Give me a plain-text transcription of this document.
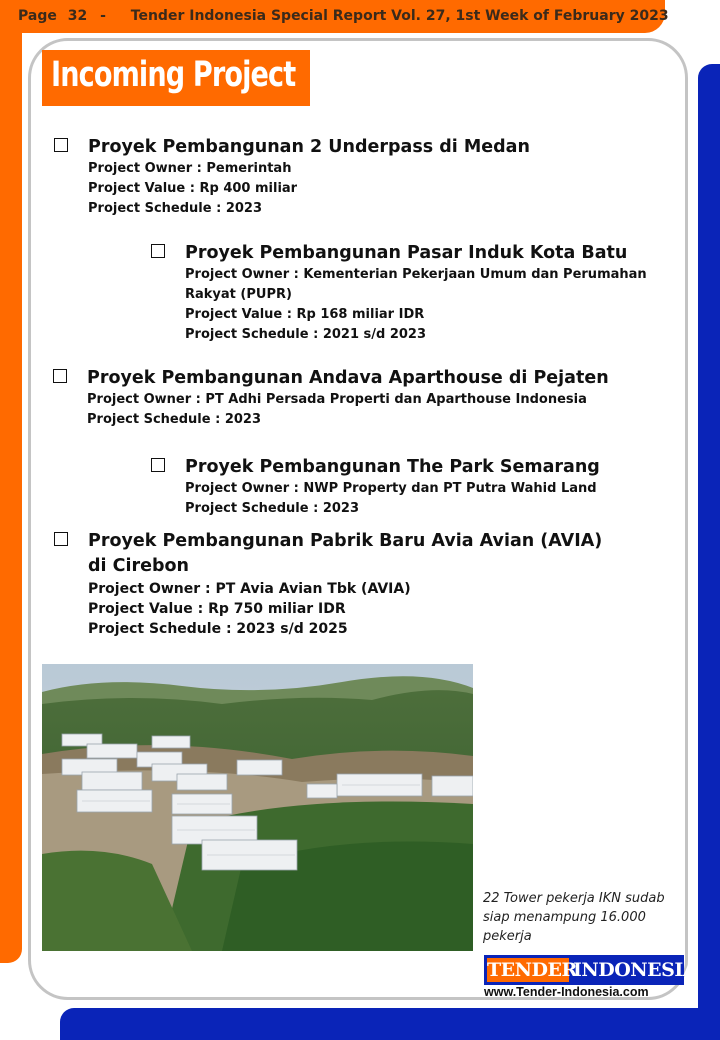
Page 32 - Tender Indonesia Special Report Vol. 27, 1st Week of February 2023
Incoming Project
Proyek Pembangunan 2 Underpass di Medan
Project Owner : Pemerintah
Project Value : Rp 400 miliar
Project Schedule : 2023
Proyek Pembangunan Pasar Induk Kota Batu
Project Owner : Kementerian Pekerjaan Umum dan Perumahan Rakyat (PUPR)
Project Value : Rp 168 miliar IDR
Project Schedule : 2021 s/d 2023
Proyek Pembangunan Andava Aparthouse di Pejaten
Project Owner : PT Adhi Persada Properti dan Aparthouse Indonesia
Project Schedule : 2023
Proyek Pembangunan The Park Semarang
Project Owner : NWP Property dan PT Putra Wahid Land
Project Schedule : 2023
Proyek Pembangunan Pabrik Baru Avia Avian (AVIA) di Cirebon
Project Owner : PT Avia Avian Tbk (AVIA)
Project Value : Rp 750 miliar IDR
Project Schedule : 2023 s/d 2025
22 Tower pekerja IKN sudab siap menampung 16.000 pekerja
TENDER
INDONESIA
www.Tender-Indonesia.com
